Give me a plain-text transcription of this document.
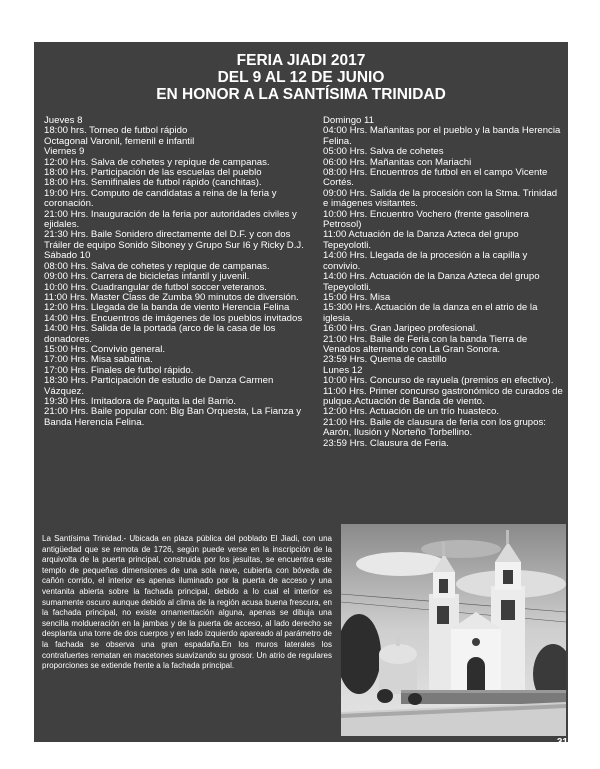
FERIA JIADI 2017
DEL 9 AL 12 DE JUNIO
EN HONOR A LA SANTÍSIMA TRINIDAD
Jueves 8
18:00 hrs. Torneo de futbol rápido
Octagonal Varonil, femenil e infantil
Viernes 9
12:00 Hrs. Salva de cohetes y repique de campanas.
18:00 Hrs. Participación de las escuelas del pueblo
18:00 Hrs. Semifinales de futbol rápido (canchitas).
19:00 Hrs. Computo de candidatas a reina de la feria y coronación.
21:00 Hrs. Inauguración de la feria por autoridades civiles y ejidales.
21:30 Hrs. Baile Sonidero directamente del D.F. y con dos Tráiler de equipo Sonido Siboney y Grupo Sur I6 y Ricky D.J.
Sábado 10
08:00 Hrs. Salva de cohetes y repique de campanas.
09:00 Hrs. Carrera de bicicletas infantil y juvenil.
10:00 Hrs. Cuadrangular de futbol soccer veteranos.
11:00 Hrs. Master Class de Zumba 90 minutos de diversión.
12:00 Hrs. Llegada de la banda de viento Herencia Felina
14:00 Hrs. Encuentros de imágenes de los pueblos invitados
14:00 Hrs. Salida de la portada (arco de la casa de los donadores.
15:00 Hrs. Convivio general.
17:00 Hrs. Misa sabatina.
17:00 Hrs. Finales de futbol rápido.
18:30 Hrs. Participación de estudio de Danza Carmen Vázquez.
19:30 Hrs. Imitadora de Paquita la del Barrio.
21:00 Hrs. Baile popular con: Big Ban Orquesta, La Fianza y Banda Herencia Felina.
Domingo 11
04:00 Hrs. Mañanitas por el pueblo y la banda Herencia Felina.
05:00 Hrs. Salva de cohetes
06:00 Hrs. Mañanitas con Mariachi
08:00 Hrs. Encuentros de futbol en el campo Vicente Cortés.
09:00 Hrs. Salida de la procesión con la Stma. Trinidad e imágenes visitantes.
10:00 Hrs. Encuentro Vochero (frente gasolinera Petrosol)
11:00 Actuación de la Danza Azteca del grupo Tepeyolotli.
14:00 Hrs. Llegada de la procesión a la capilla y convivio.
14:00 Hrs. Actuación de la Danza Azteca del grupo Tepeyolotli.
15:00 Hrs. Misa
15:300 Hrs. Actuación de la danza en el atrio de la iglesia.
16:00 Hrs. Gran Jaripeo profesional.
21:00 Hrs. Baile de Feria con la banda Tierra de Venados alternando con La Gran Sonora.
23:59 Hrs. Quema de castillo
Lunes 12
10:00 Hrs. Concurso de rayuela (premios en efectivo).
11:00 Hrs. Primer concurso gastronómico de curados de pulque.Actuación de Banda de viento.
12:00 Hrs. Actuación de un trío huasteco.
21:00 Hrs. Baile de clausura de feria con los grupos: Aarón, Ilusión y Norteño Torbellino.
23:59 Hrs. Clausura de Feria.
La Santísima Trinidad.- Ubicada en plaza pública del poblado El Jiadi, con una antigüedad que se remota de 1726, según puede verse en la inscripción de la arquivolta de la puerta principal, construida por los jesuitas, se encuentra este templo de pequeñas dimensiones de una sola nave, cubierta con bóveda de cañón corrido, el interior es apenas iluminado por la puerta de acceso y una ventanita abierta sobre la fachada principal, debido a lo cual el interior es sumamente oscuro aunque debido al clima de la región acusa buena frescura, en la fachada principal, no existe ornamentación alguna, apenas se dibuja una sencilla moldueración en la jambas y de la puerta de acceso, al lado derecho se desplanta una torre de dos cuerpos y en lado izquierdo apareado al parámetro de la fachada se observa una gran espadaña.En los muros laterales los contrafuertes rematan en macetones suavizando su grosor. Un atrio de regulares proporciones se extiende frente a la fachada principal.
31
